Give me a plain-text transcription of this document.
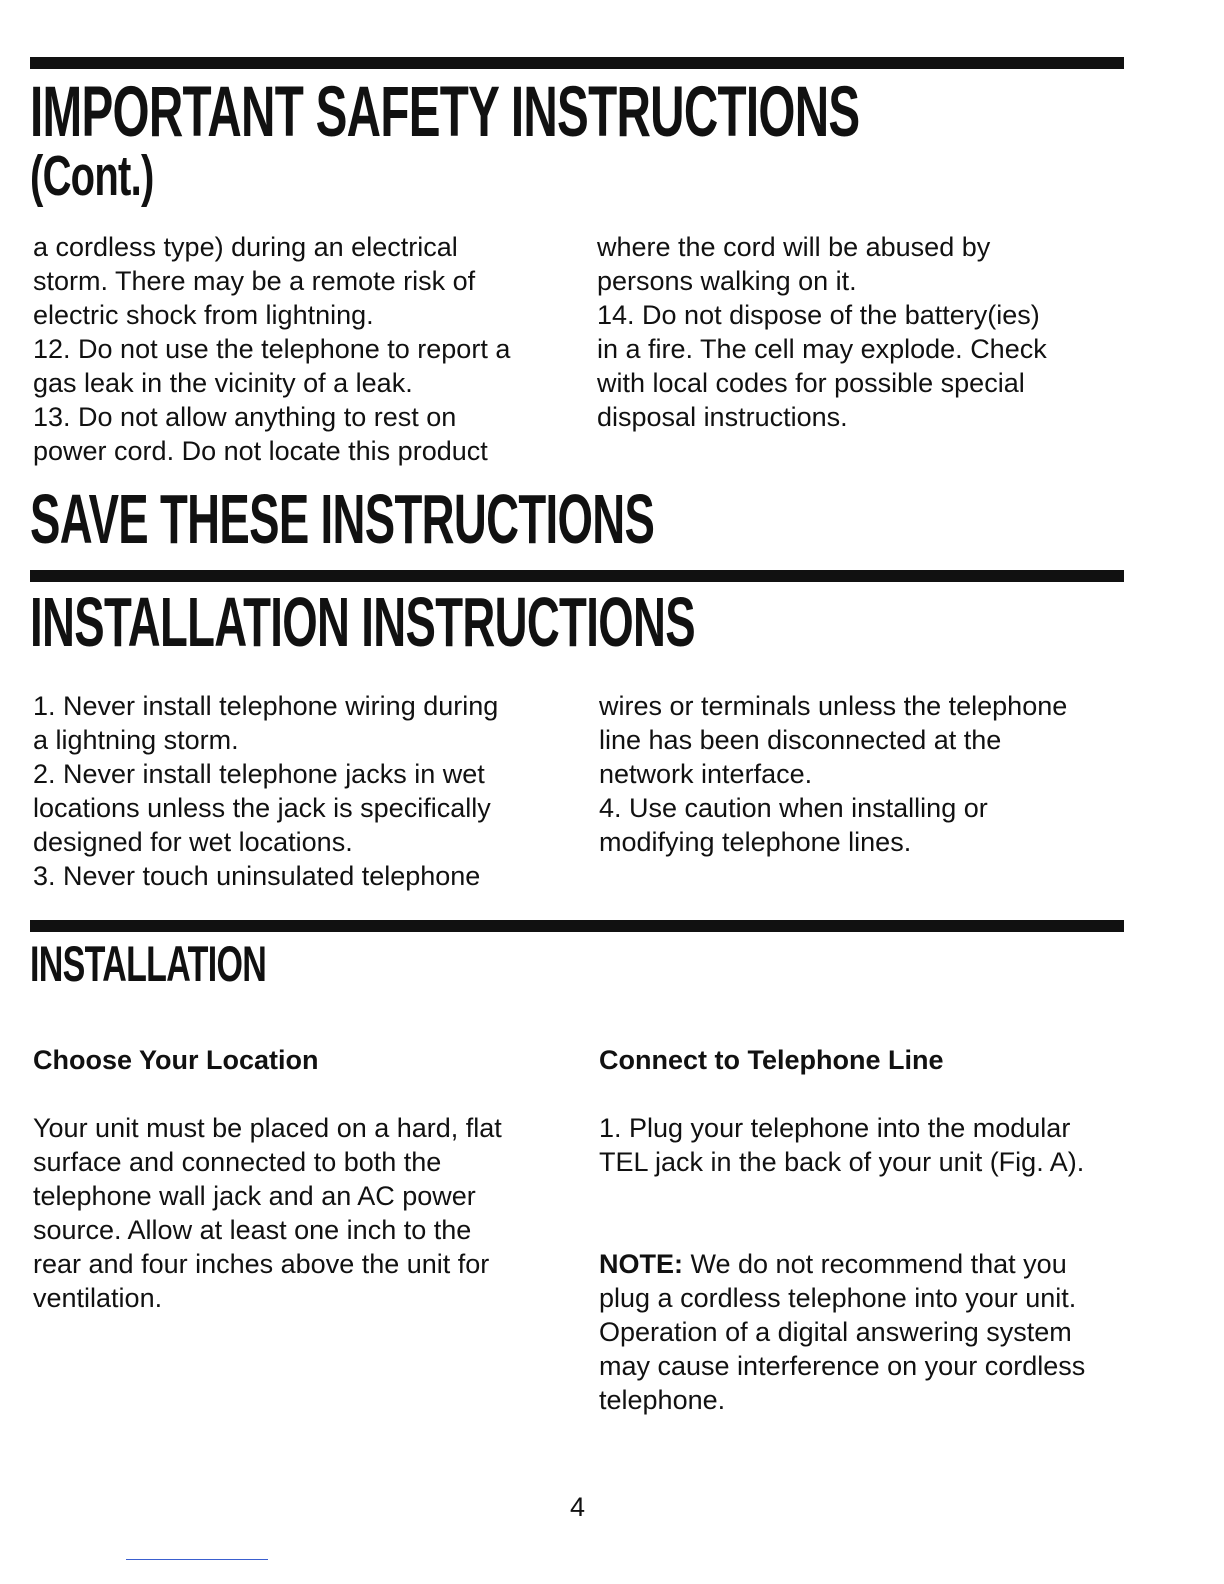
IMPORTANT SAFETY INSTRUCTIONS
(Cont.)
a cordless type) during an electrical
storm. There may be a remote risk of
electric shock from lightning.
12. Do not use the telephone to report a
gas leak in the vicinity of a leak.
13. Do not allow anything to rest on
power cord. Do not locate this product
where the cord will be abused by
persons walking on it.
14. Do not dispose of the battery(ies)
in a fire. The cell may explode. Check
with local codes for possible special
disposal instructions.
SAVE THESE INSTRUCTIONS
INSTALLATION INSTRUCTIONS
1. Never install telephone wiring during
a lightning storm.
2. Never install telephone jacks in wet
locations unless the jack is specifically
designed for wet locations.
3. Never touch uninsulated telephone
wires or terminals unless the telephone
line has been disconnected at the
network interface.
4. Use caution when installing or
modifying telephone lines.
INSTALLATION

Choose Your Location

Your unit must be placed on a hard, flat
surface and connected to both the
telephone wall jack and an AC power
source. Allow at least one inch to the
rear and four inches above the unit for
ventilation.

Connect to Telephone Line

1. Plug your telephone into the modular
TEL jack in the back of your unit (Fig. A).

NOTE: We do not recommend that you
plug a cordless telephone into your unit.
Operation of a digital answering system
may cause interference on your cordless
telephone.

4
